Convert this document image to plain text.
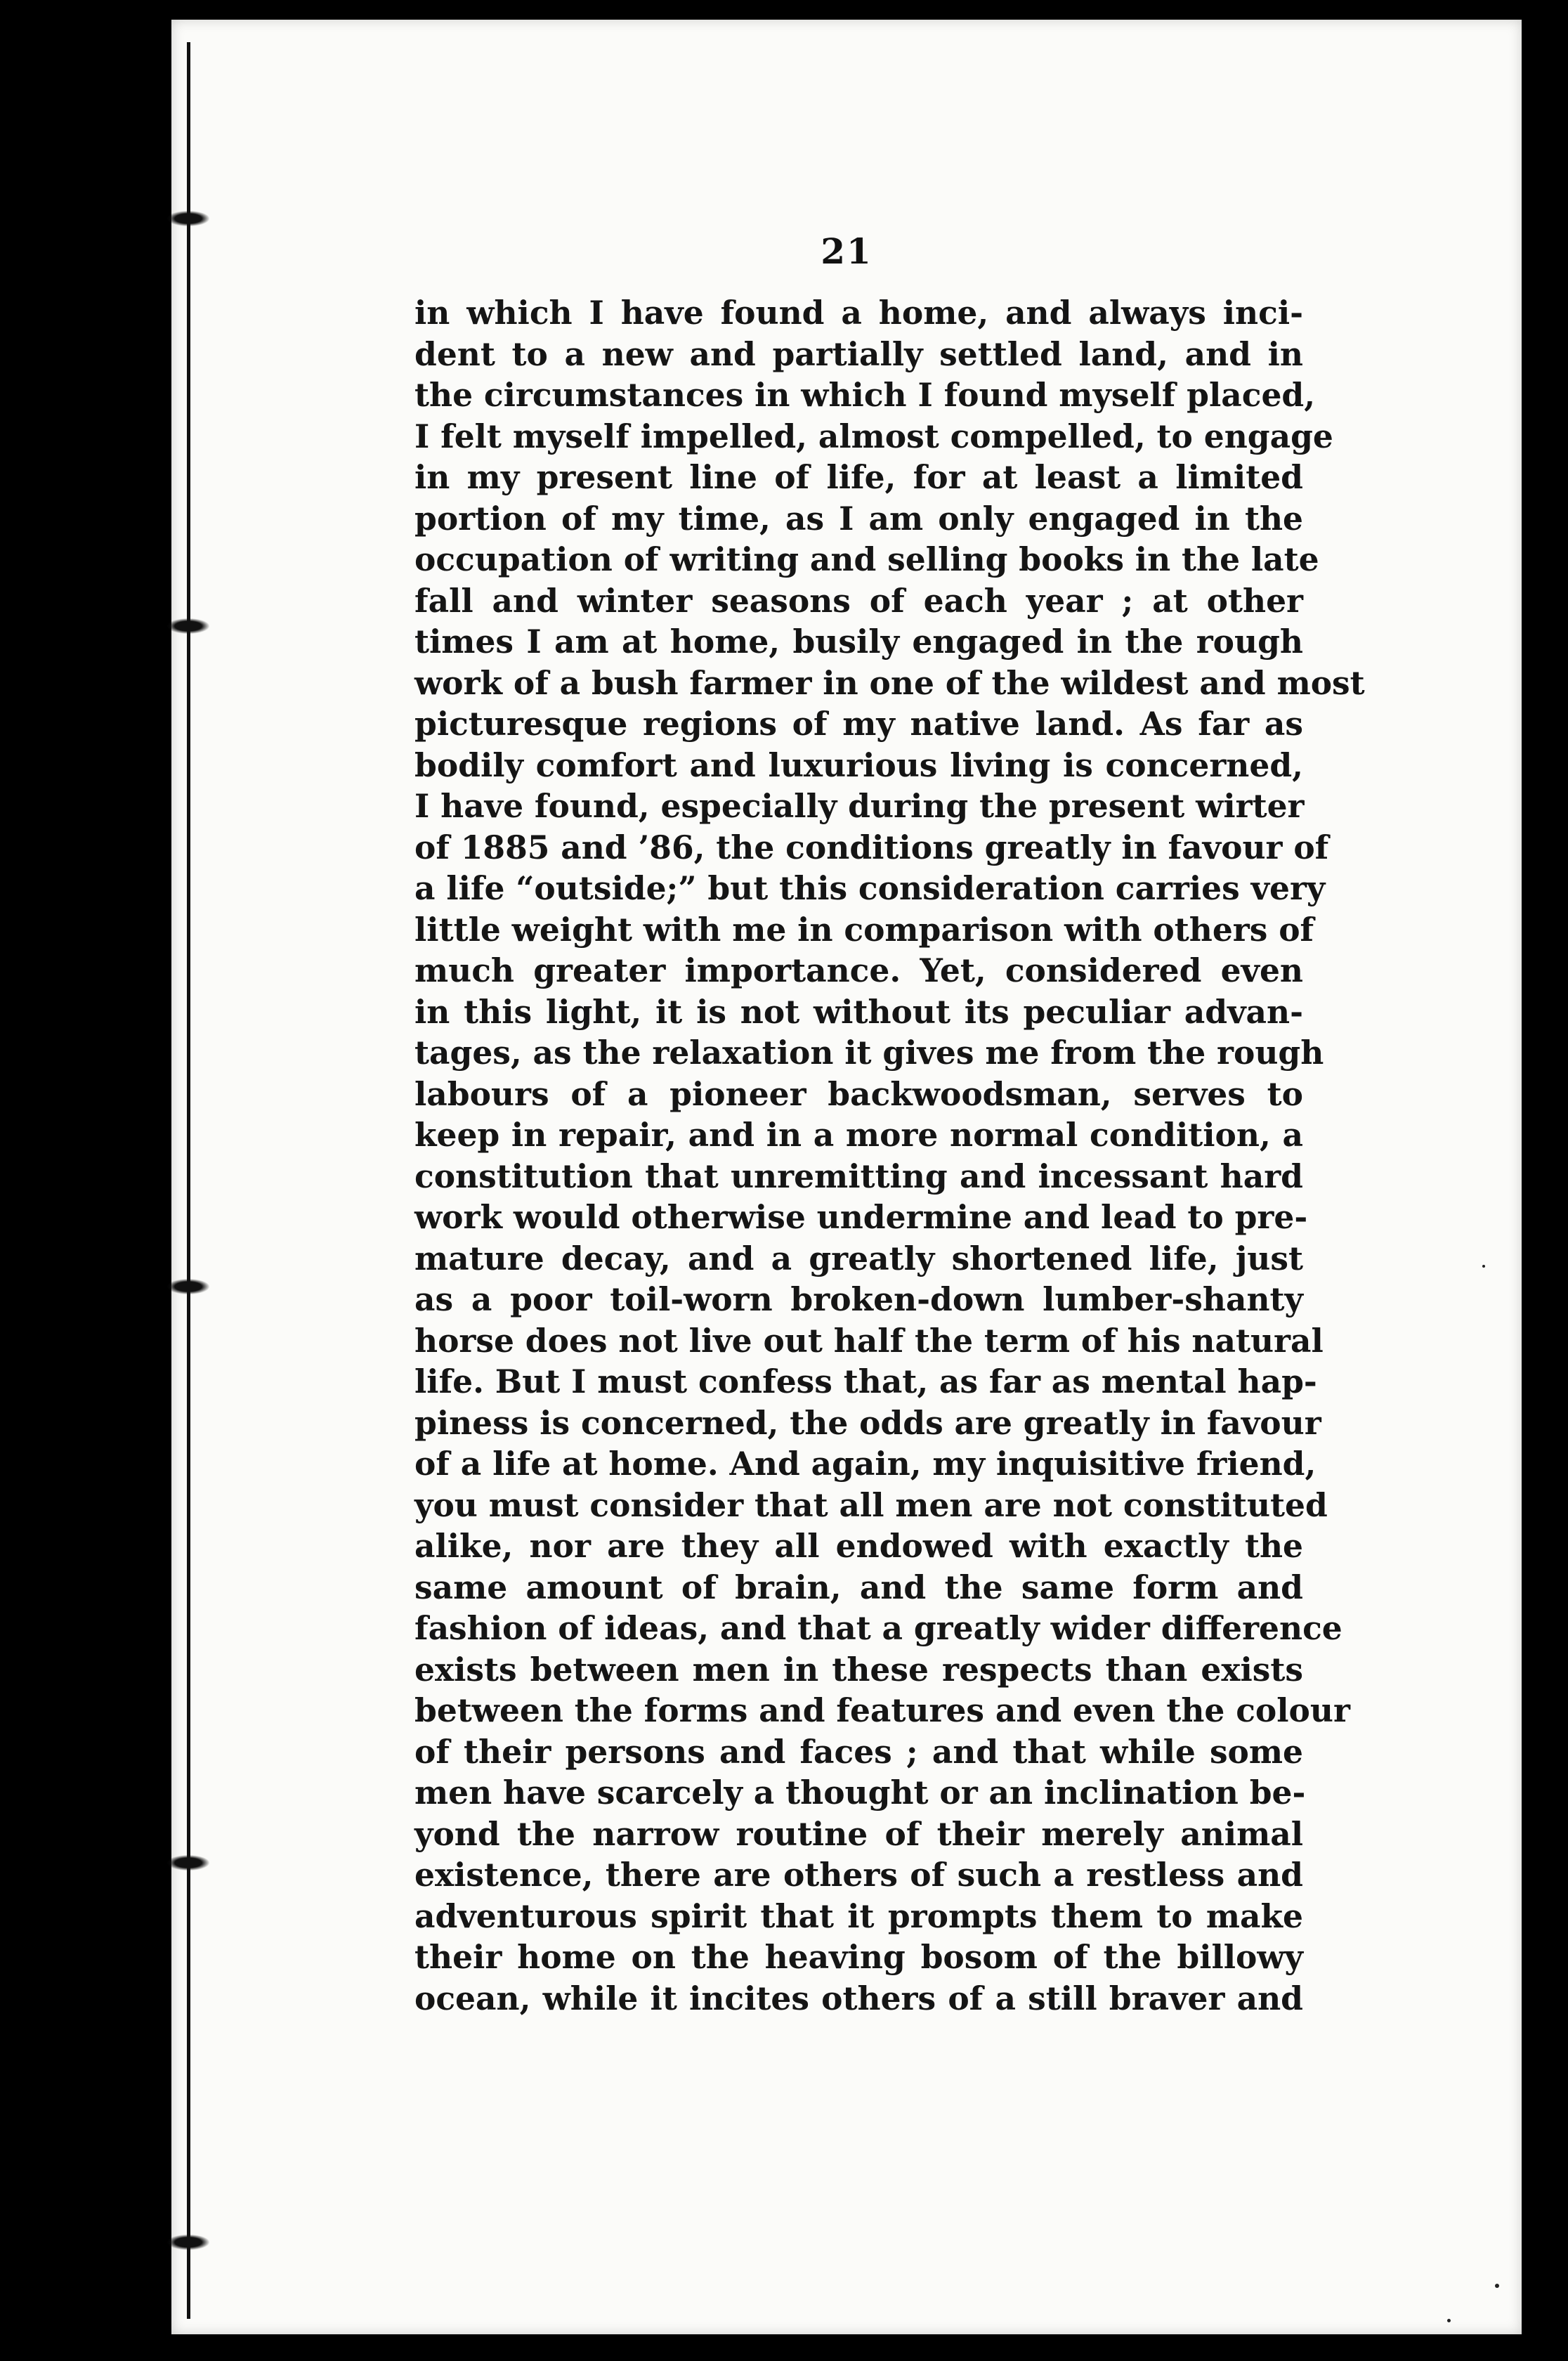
21
in which I have found a home, and always inci-
dent to a new and partially settled land, and in
the circumstances in which I found myself placed,
I felt myself impelled, almost compelled, to engage
in my present line of life, for at least a limited
portion of my time, as I am only engaged in the
occupation of writing and selling books in the late
fall and winter seasons of each year ; at other
times I am at home, busily engaged in the rough
work of a bush farmer in one of the wildest and most
picturesque regions of my native land. As far as
bodily comfort and luxurious living is concerned,
I have found, especially during the present wirter
of 1885 and ’86, the conditions greatly in favour of
a life “outside;” but this consideration carries very
little weight with me in comparison with others of
much greater importance. Yet, considered even
in this light, it is not without its peculiar advan-
tages, as the relaxation it gives me from the rough
labours of a pioneer backwoodsman, serves to
keep in repair, and in a more normal condition, a
constitution that unremitting and incessant hard
work would otherwise undermine and lead to pre-
mature decay, and a greatly shortened life, just
as a poor toil-worn broken-down lumber-shanty
horse does not live out half the term of his natural
life. But I must confess that, as far as mental hap-
piness is concerned, the odds are greatly in favour
of a life at home. And again, my inquisitive friend,
you must consider that all men are not constituted
alike, nor are they all endowed with exactly the
same amount of brain, and the same form and
fashion of ideas, and that a greatly wider difference
exists between men in these respects than exists
between the forms and features and even the colour
of their persons and faces ; and that while some
men have scarcely a thought or an inclination be-
yond the narrow routine of their merely animal
existence, there are others of such a restless and
adventurous spirit that it prompts them to make
their home on the heaving bosom of the billowy
ocean, while it incites others of a still braver and
